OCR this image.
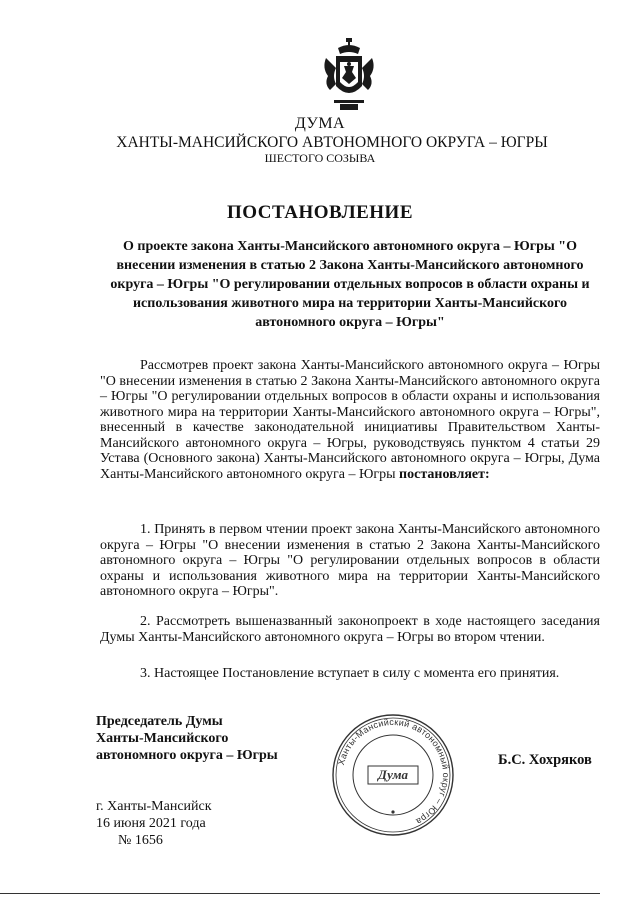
ДУМА
ХАНТЫ-МАНСИЙСКОГО АВТОНОМНОГО ОКРУГА – ЮГРЫ
ШЕСТОГО СОЗЫВА
ПОСТАНОВЛЕНИЕ

О проекте закона Ханты-Мансийского автономного округа – Югры "О внесении изменения в статью 2 Закона Ханты-Мансийского автономного округа – Югры "О регулировании отдельных вопросов в области охраны и использования животного мира на территории Ханты-Мансийского автономного округа – Югры"

Рассмотрев проект закона Ханты-Мансийского автономного округа – Югры "О внесении изменения в статью 2 Закона Ханты-Мансийского автономного округа – Югры "О регулировании отдельных вопросов в области охраны и использования животного мира на территории Ханты-Мансийского автономного округа – Югры", внесенный в качестве законодательной инициативы Правительством Ханты-Мансийского автономного округа – Югры, руководствуясь пунктом 4 статьи 29 Устава (Основного закона) Ханты-Мансийского автономного округа – Югры, Дума Ханты-Мансийского автономного округа – Югры постановляет:

1. Принять в первом чтении проект закона Ханты-Мансийского автономного округа – Югры "О внесении изменения в статью 2 Закона Ханты-Мансийского автономного округа – Югры "О регулировании отдельных вопросов в области охраны и использования животного мира на территории Ханты-Мансийского автономного округа – Югры".

2. Рассмотреть вышеназванный законопроект в ходе настоящего заседания Думы Ханты-Мансийского автономного округа – Югры во втором чтении.

3. Настоящее Постановление вступает в силу с момента его принятия.

Председатель Думы
Ханты-Мансийского
автономного округа – Югры	Ханты-Мансийский автономный округ – Югра
Дума
Б.С. Хохряков
г. Ханты-Мансийск
16 июня 2021 года
№ 1656
